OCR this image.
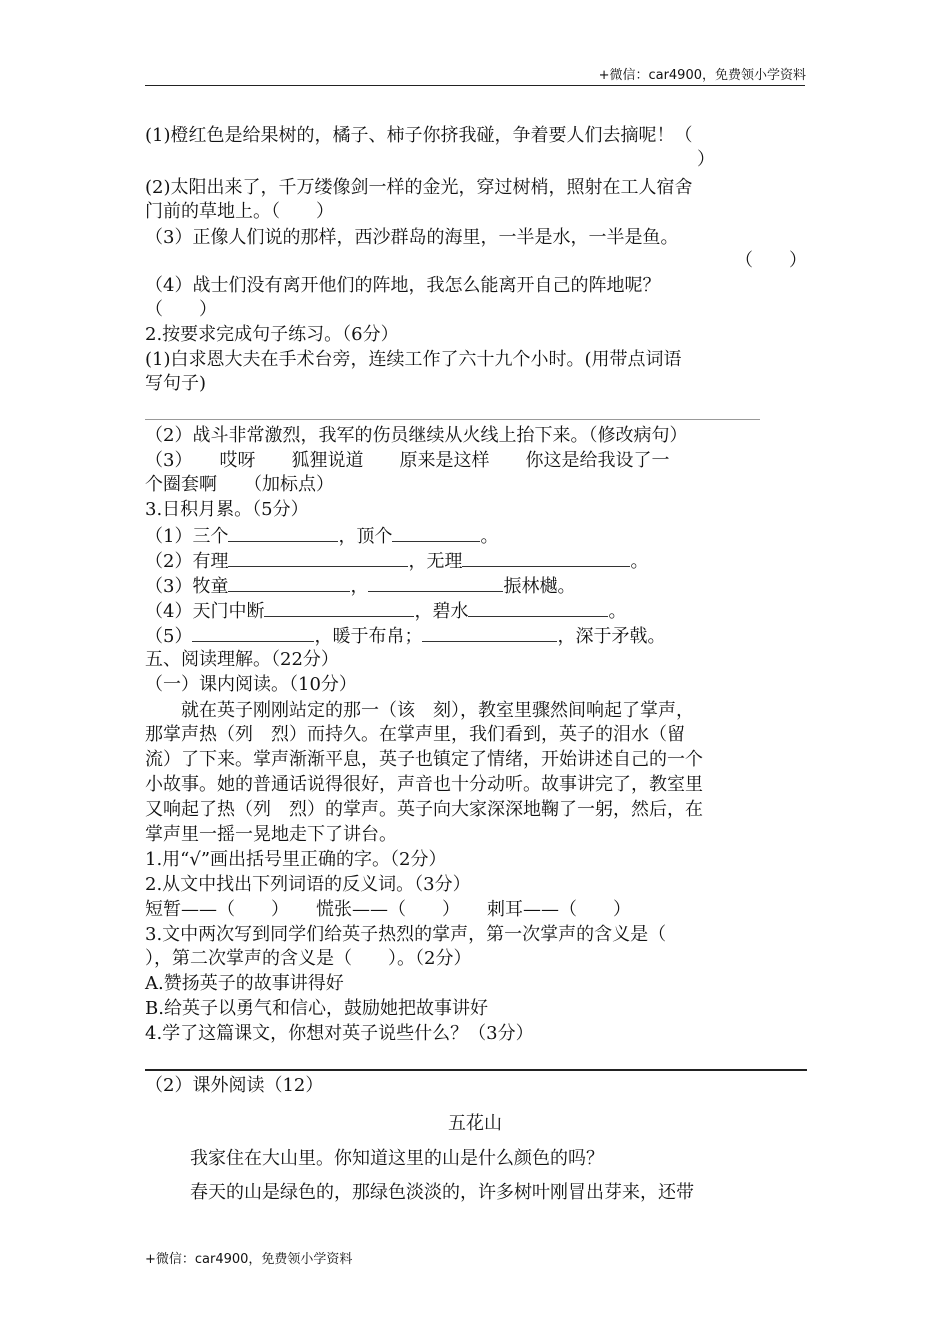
+微信：car4900，免费领小学资料
(1)橙红色是给果树的，橘子、柿子你挤我碰，争着要人们去摘呢！（
）
(2)太阳出来了，千万缕像剑一样的金光，穿过树梢，照射在工人宿舍
门前的草地上。（　　）
（3）正像人们说的那样，西沙群岛的海里，一半是水，一半是鱼。
（　　）
（4）战士们没有离开他们的阵地，我怎么能离开自己的阵地呢？
（　　）
2.按要求完成句子练习。（6分）
(1)白求恩大夫在手术台旁，连续工作了六十九个小时。(用带点词语
写句子)
（2）战斗非常激烈，我军的伤员继续从火线上抬下来。（修改病句）
（3）　　哎呀　　狐狸说道　　原来是这样　　你这是给我设了一
个圈套啊　　（加标点）
3.日积月累。（5分）
（1）三个	，顶个	。
（2）有理	，无理	。
（3）牧童	，	振林樾。
（4）天门中断	，碧水	。
（5）	，暖于布帛；	，深于矛戟。
五、阅读理解。（22分）
（一）课内阅读。（10分）
就在英子刚刚站定的那一（该　刻），教室里骤然间响起了掌声，
那掌声热（列　烈）而持久。在掌声里，我们看到，英子的泪水（留
流）了下来。掌声渐渐平息，英子也镇定了情绪，开始讲述自己的一个
小故事。她的普通话说得很好，声音也十分动听。故事讲完了，教室里
又响起了热（列　烈）的掌声。英子向大家深深地鞠了一躬，然后，在
掌声里一摇一晃地走下了讲台。
1.用“√”画出括号里正确的字。（2分）
2.从文中找出下列词语的反义词。（3分）
短暂——（　　）　　慌张——（　　）　　刺耳——（　　）
3.文中两次写到同学们给英子热烈的掌声，第一次掌声的含义是（
），第二次掌声的含义是（　　）。（2分）
A.赞扬英子的故事讲得好
B.给英子以勇气和信心，鼓励她把故事讲好
4.学了这篇课文，你想对英子说些什么？（3分）
（2）课外阅读（12）
五花山
我家住在大山里。你知道这里的山是什么颜色的吗？
春天的山是绿色的，那绿色淡淡的，许多树叶刚冒出芽来，还带
+微信：car4900，免费领小学资料
